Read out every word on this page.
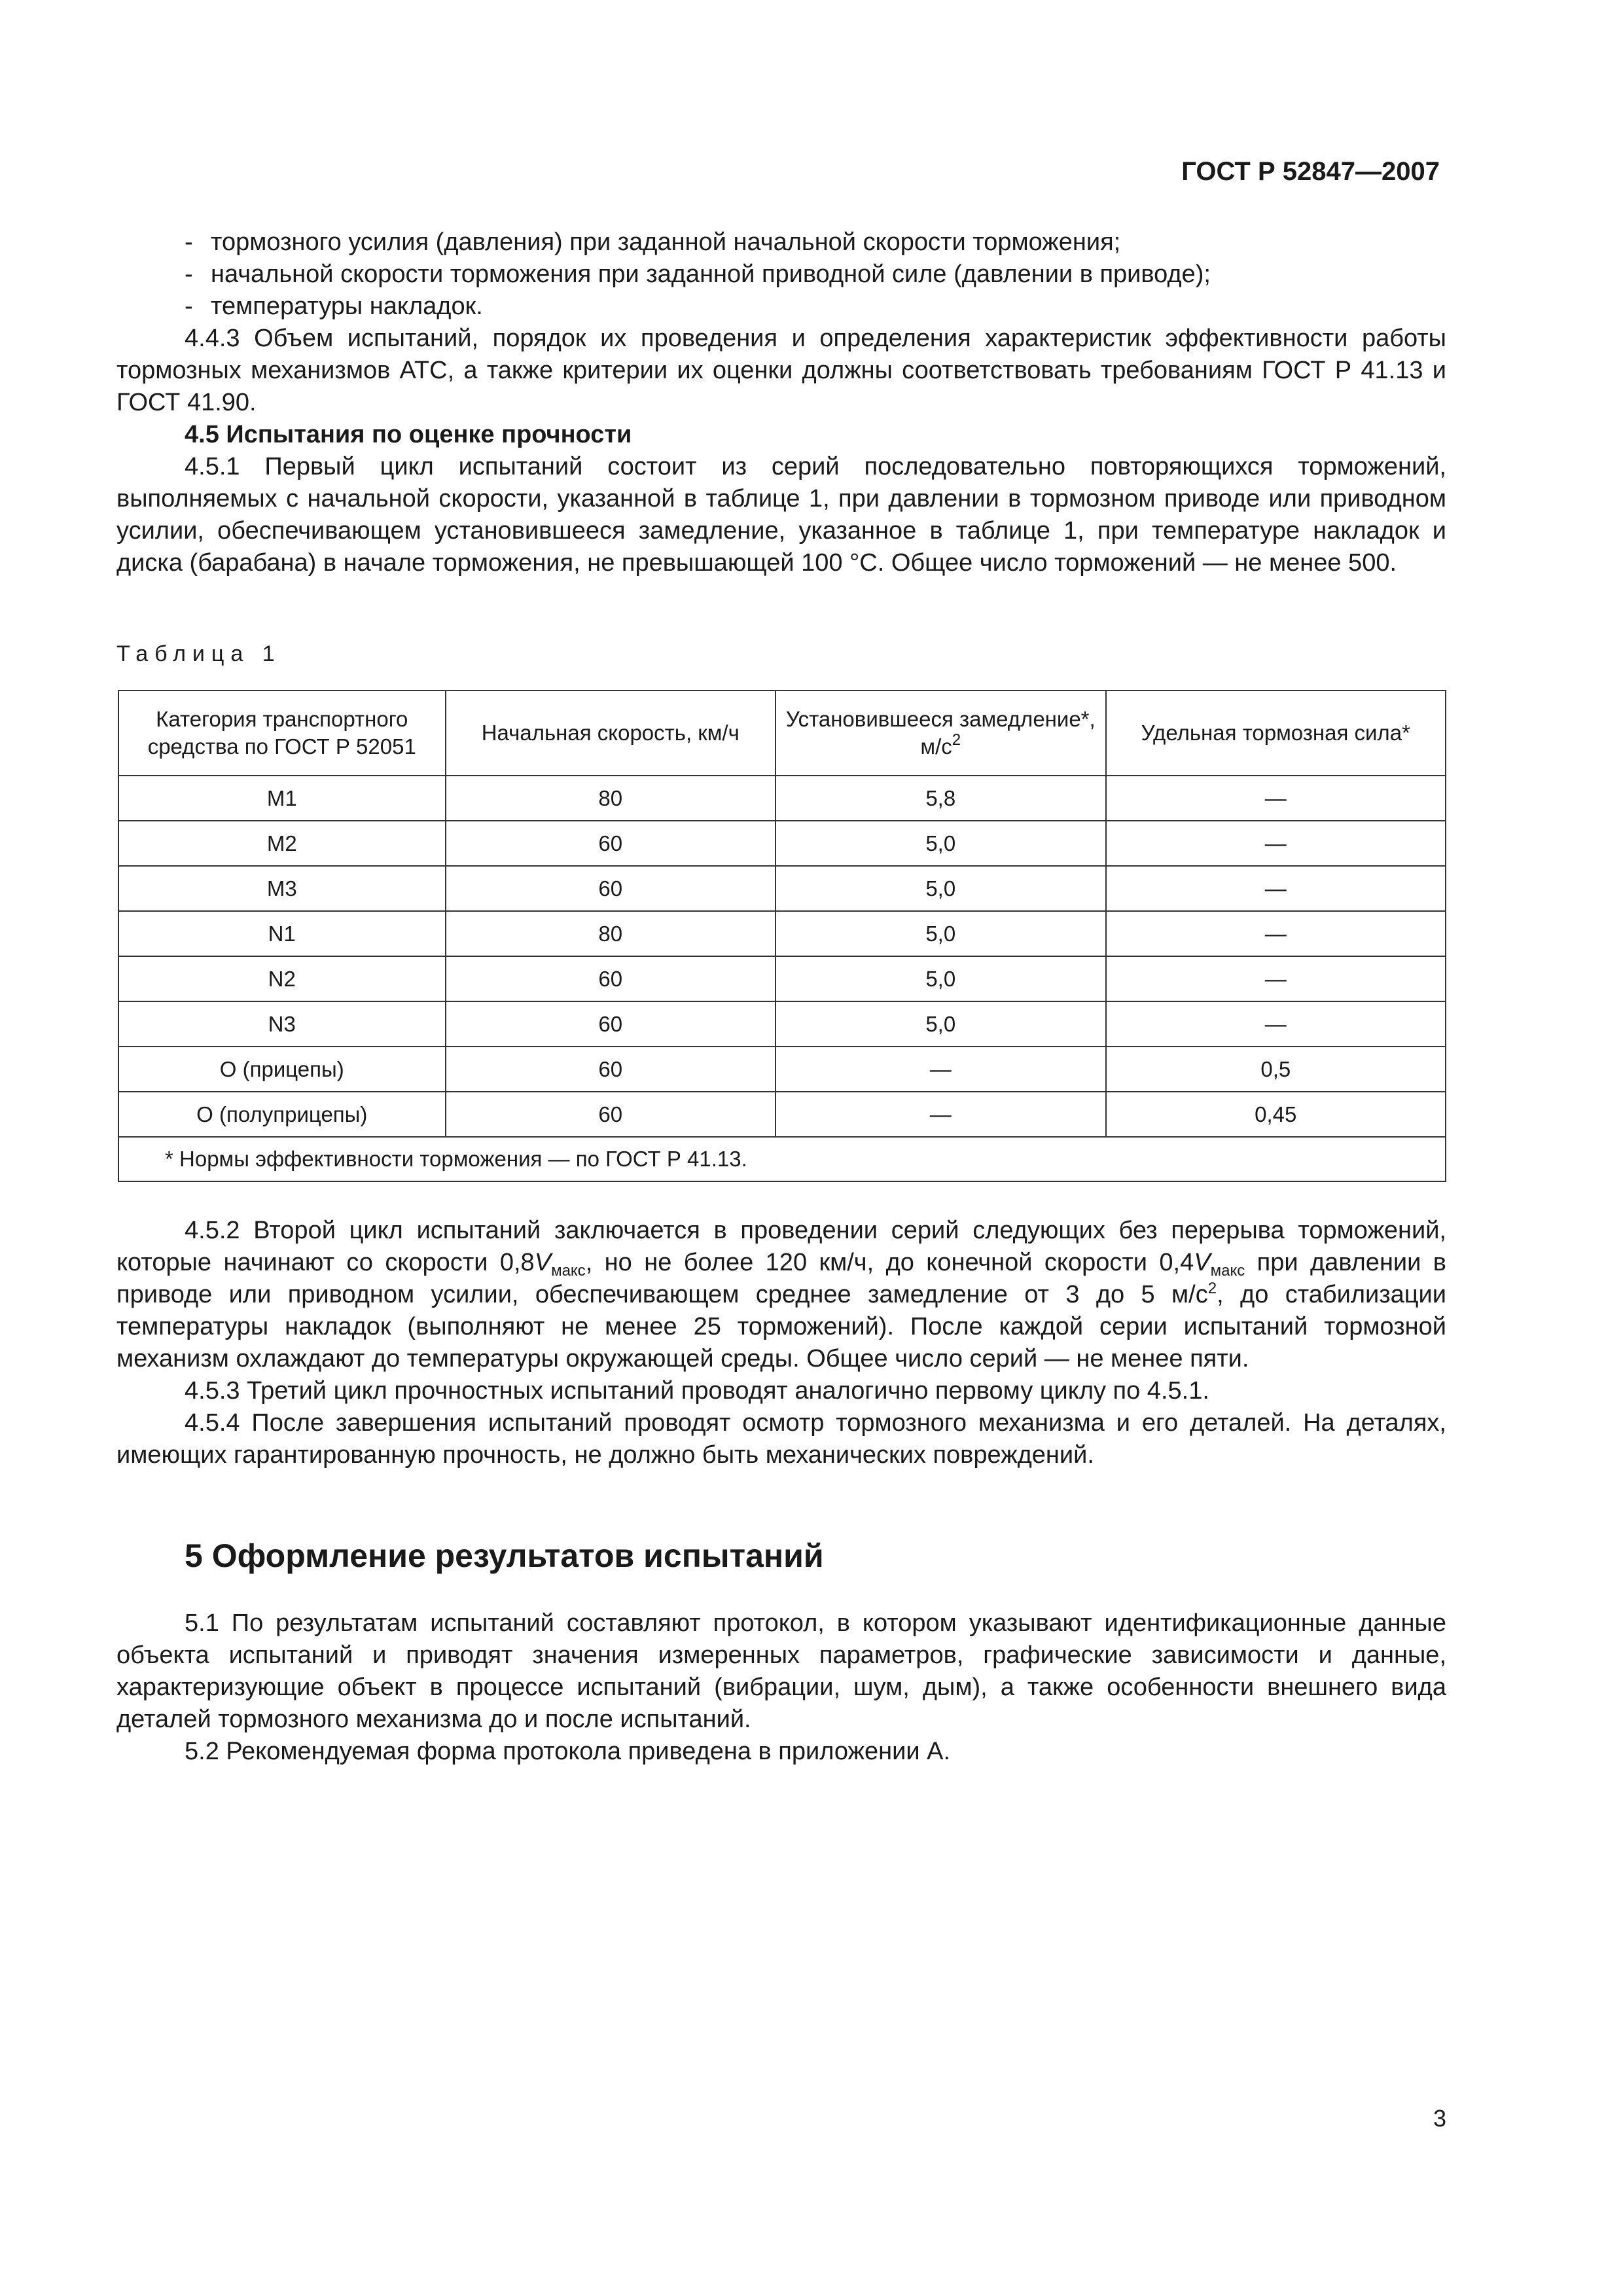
ГОСТ Р 52847—2007
- тормозного усилия (давления) при заданной начальной скорости торможения;
- начальной скорости торможения при заданной приводной силе (давлении в приводе);
- температуры накладок.
4.4.3 Объем испытаний, порядок их проведения и определения характеристик эффективности работы тормозных механизмов АТС, а также критерии их оценки должны соответствовать требованиям ГОСТ Р 41.13 и ГОСТ 41.90.
4.5 Испытания по оценке прочности
4.5.1 Первый цикл испытаний состоит из серий последовательно повторяющихся торможений, выполняемых с начальной скорости, указанной в таблице 1, при давлении в тормозном приводе или приводном усилии, обеспечивающем установившееся замедление, указанное в таблице 1, при температуре накладок и диска (барабана) в начале торможения, не превышающей 100 °С. Общее число торможений — не менее 500.
Таблица 1
Категория транспортного средства по ГОСТ Р 52051	Начальная скорость, км/ч	Установившееся замедление*, $м/с^2$	Удельная тормозная сила*
М1	80	5,8	—
М2	60	5,0	—
М3	60	5,0	—
N1	80	5,0	—
N2	60	5,0	—
N3	60	5,0	—
О (прицепы)	60	—	0,5
О (полуприцепы)	60	—	0,45
* Нормы эффективности торможения — по ГОСТ Р 41.13.			
4.5.2 Второй цикл испытаний заключается в проведении серий следующих без перерыва торможений, которые начинают со скорости $0,8V_{макс}$, но не более 120 км/ч, до конечной скорости $0,4V_{макс}$ при давлении в приводе или приводном усилии, обеспечивающем среднее замедление от 3 до 5 $м/с^2$, до стабилизации температуры накладок (выполняют не менее 25 торможений). После каждой серии испытаний тормозной механизм охлаждают до температуры окружающей среды. Общее число серий — не менее пяти.
4.5.3 Третий цикл прочностных испытаний проводят аналогично первому циклу по 4.5.1.
4.5.4 После завершения испытаний проводят осмотр тормозного механизма и его деталей. На деталях, имеющих гарантированную прочность, не должно быть механических повреждений.
5 Оформление результатов испытаний
5.1 По результатам испытаний составляют протокол, в котором указывают идентификационные данные объекта испытаний и приводят значения измеренных параметров, графические зависимости и данные, характеризующие объект в процессе испытаний (вибрации, шум, дым), а также особенности внешнего вида деталей тормозного механизма до и после испытаний.
5.2 Рекомендуемая форма протокола приведена в приложении А.
3
